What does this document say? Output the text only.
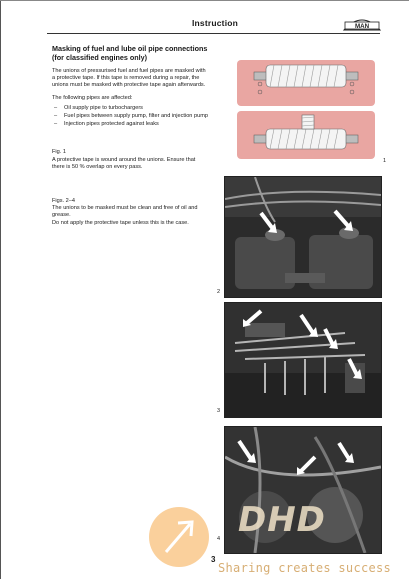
Instruction	MAN

Masking of fuel and lube oil pipe connections (for classified engines only)

The unions of pressurised fuel and fuel pipes are masked with a protective tape. If this tape is removed during a repair, the unions must be masked with protective tape again afterwards.

The following pipes are affected:

– Oil supply pipe to turbochargers
– Fuel pipes between supply pump, filter and injection pump
– Injection pipes protected against leaks

Fig. 1

A protective tape is wound around the unions. Ensure that there is 50 % overlap on every pass.

Figs. 2–4

The unions to be masked must be clean and free of oil and grease.

Do not apply the protective tape unless this is the case.

1
2
3
4
3
DHD
Sharing creates success
